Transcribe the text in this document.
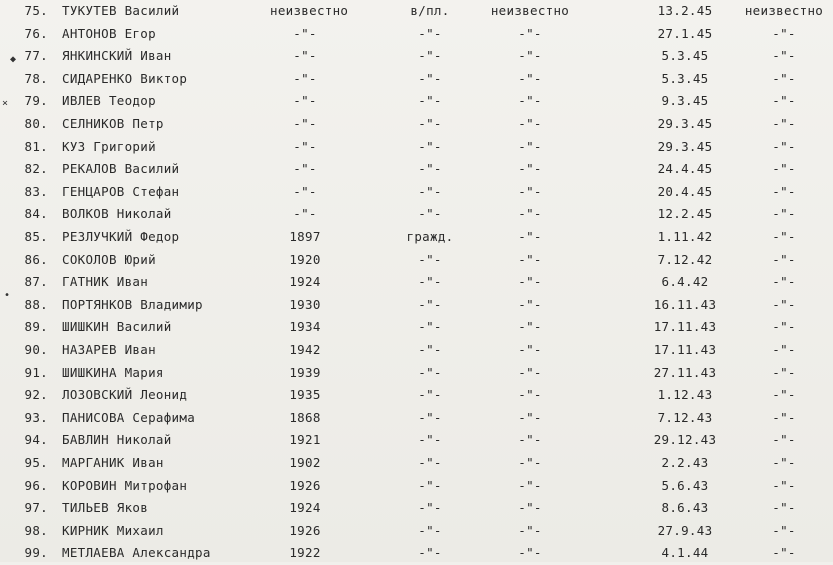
◆
×
•
75. ТУКУТЕВ Василий	неизвестно	в/пл.	неизвестно	13.2.45	неизвестно
76. АНТОНОВ Егор	-"-	-"-	-"-	27.1.45	-"-
77. ЯНКИНСКИЙ Иван	-"-	-"-	-"-	5.3.45	-"-
78. СИДАРЕНКО Виктор	-"-	-"-	-"-	5.3.45	-"-
79. ИВЛЕВ Теодор	-"-	-"-	-"-	9.3.45	-"-
80. СЕЛНИКОВ Петр	-"-	-"-	-"-	29.3.45	-"-
81. КУЗ Григорий	-"-	-"-	-"-	29.3.45	-"-
82. РЕКАЛОВ Василий	-"-	-"-	-"-	24.4.45	-"-
83. ГЕНЦАРОВ Стефан	-"-	-"-	-"-	20.4.45	-"-
84. ВОЛКОВ Николай	-"-	-"-	-"-	12.2.45	-"-
85. РЕЗЛУЧКИЙ Федор	1897	гражд.	-"-	1.11.42	-"-
86. СОКОЛОВ Юрий	1920	-"-	-"-	7.12.42	-"-
87. ГАТНИК Иван	1924	-"-	-"-	6.4.42	-"-
88. ПОРТЯНКОВ Владимир	1930	-"-	-"-	16.11.43	-"-
89. ШИШКИН Василий	1934	-"-	-"-	17.11.43	-"-
90. НАЗАРЕВ Иван	1942	-"-	-"-	17.11.43	-"-
91. ШИШКИНА Мария	1939	-"-	-"-	27.11.43	-"-
92. ЛОЗОВСКИЙ Леонид	1935	-"-	-"-	1.12.43	-"-
93. ПАНИСОВА Серафима	1868	-"-	-"-	7.12.43	-"-
94. БАВЛИН Николай	1921	-"-	-"-	29.12.43	-"-
95. МАРГАНИК Иван	1902	-"-	-"-	2.2.43	-"-
96. КОРОВИН Митрофан	1926	-"-	-"-	5.6.43	-"-
97. ТИЛЬЕВ Яков	1924	-"-	-"-	8.6.43	-"-
98. КИРНИК Михаил	1926	-"-	-"-	27.9.43	-"-
99. МЕТЛАЕВА Александра	1922	-"-	-"-	4.1.44	-"-
